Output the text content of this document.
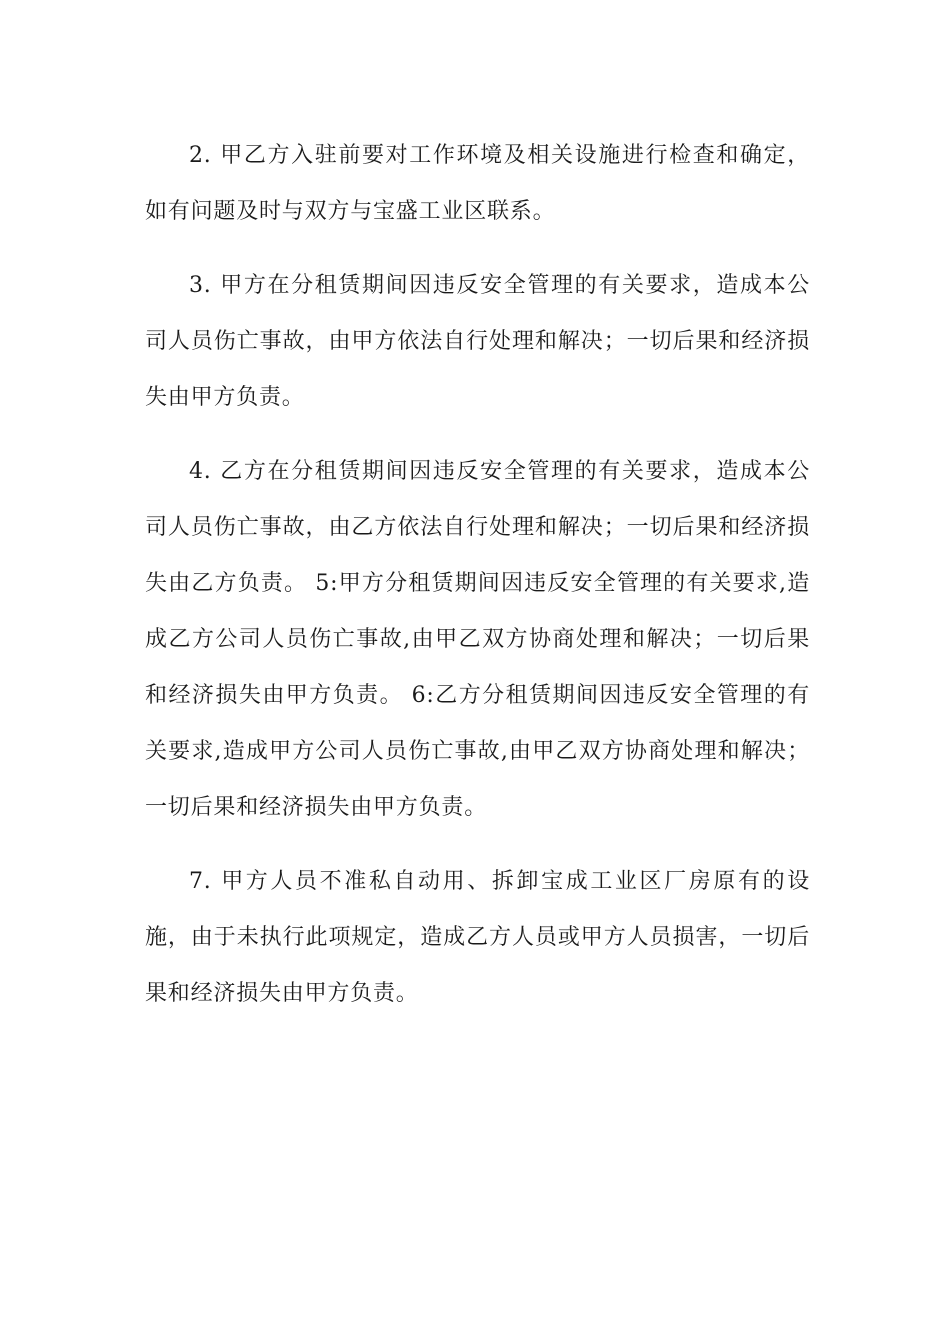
2. 甲乙方入驻前要对工作环境及相关设施进行检查和确定，如有问题及时与双方与宝盛工业区联系。

3. 甲方在分租赁期间因违反安全管理的有关要求，造成本公司人员伤亡事故，由甲方依法自行处理和解决；一切后果和经济损失由甲方负责。

4. 乙方在分租赁期间因违反安全管理的有关要求，造成本公司人员伤亡事故，由乙方依法自行处理和解决；一切后果和经济损失由乙方负责。 5:甲方分租赁期间因违反安全管理的有关要求,造成乙方公司人员伤亡事故,由甲乙双方协商处理和解决；一切后果和经济损失由甲方负责。 6:乙方分租赁期间因违反安全管理的有关要求,造成甲方公司人员伤亡事故,由甲乙双方协商处理和解决；一切后果和经济损失由甲方负责。

7. 甲方人员不准私自动用、拆卸宝成工业区厂房原有的设施，由于未执行此项规定，造成乙方人员或甲方人员损害，一切后果和经济损失由甲方负责。
